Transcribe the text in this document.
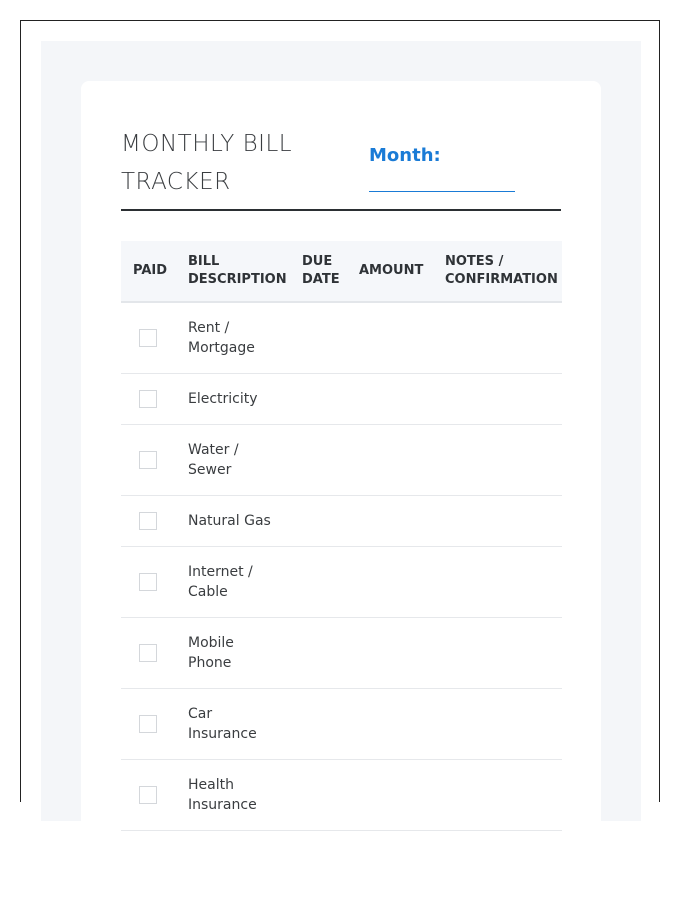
MONTHLY BILL TRACKER
Month:
PAID
BILL
DESCRIPTION
DUE
DATE
AMOUNT
NOTES /
CONFIRMATION
Rent /
Mortgage
Electricity
Water /
Sewer
Natural Gas
Internet /
Cable
Mobile
Phone
Car
Insurance
Health
Insurance
